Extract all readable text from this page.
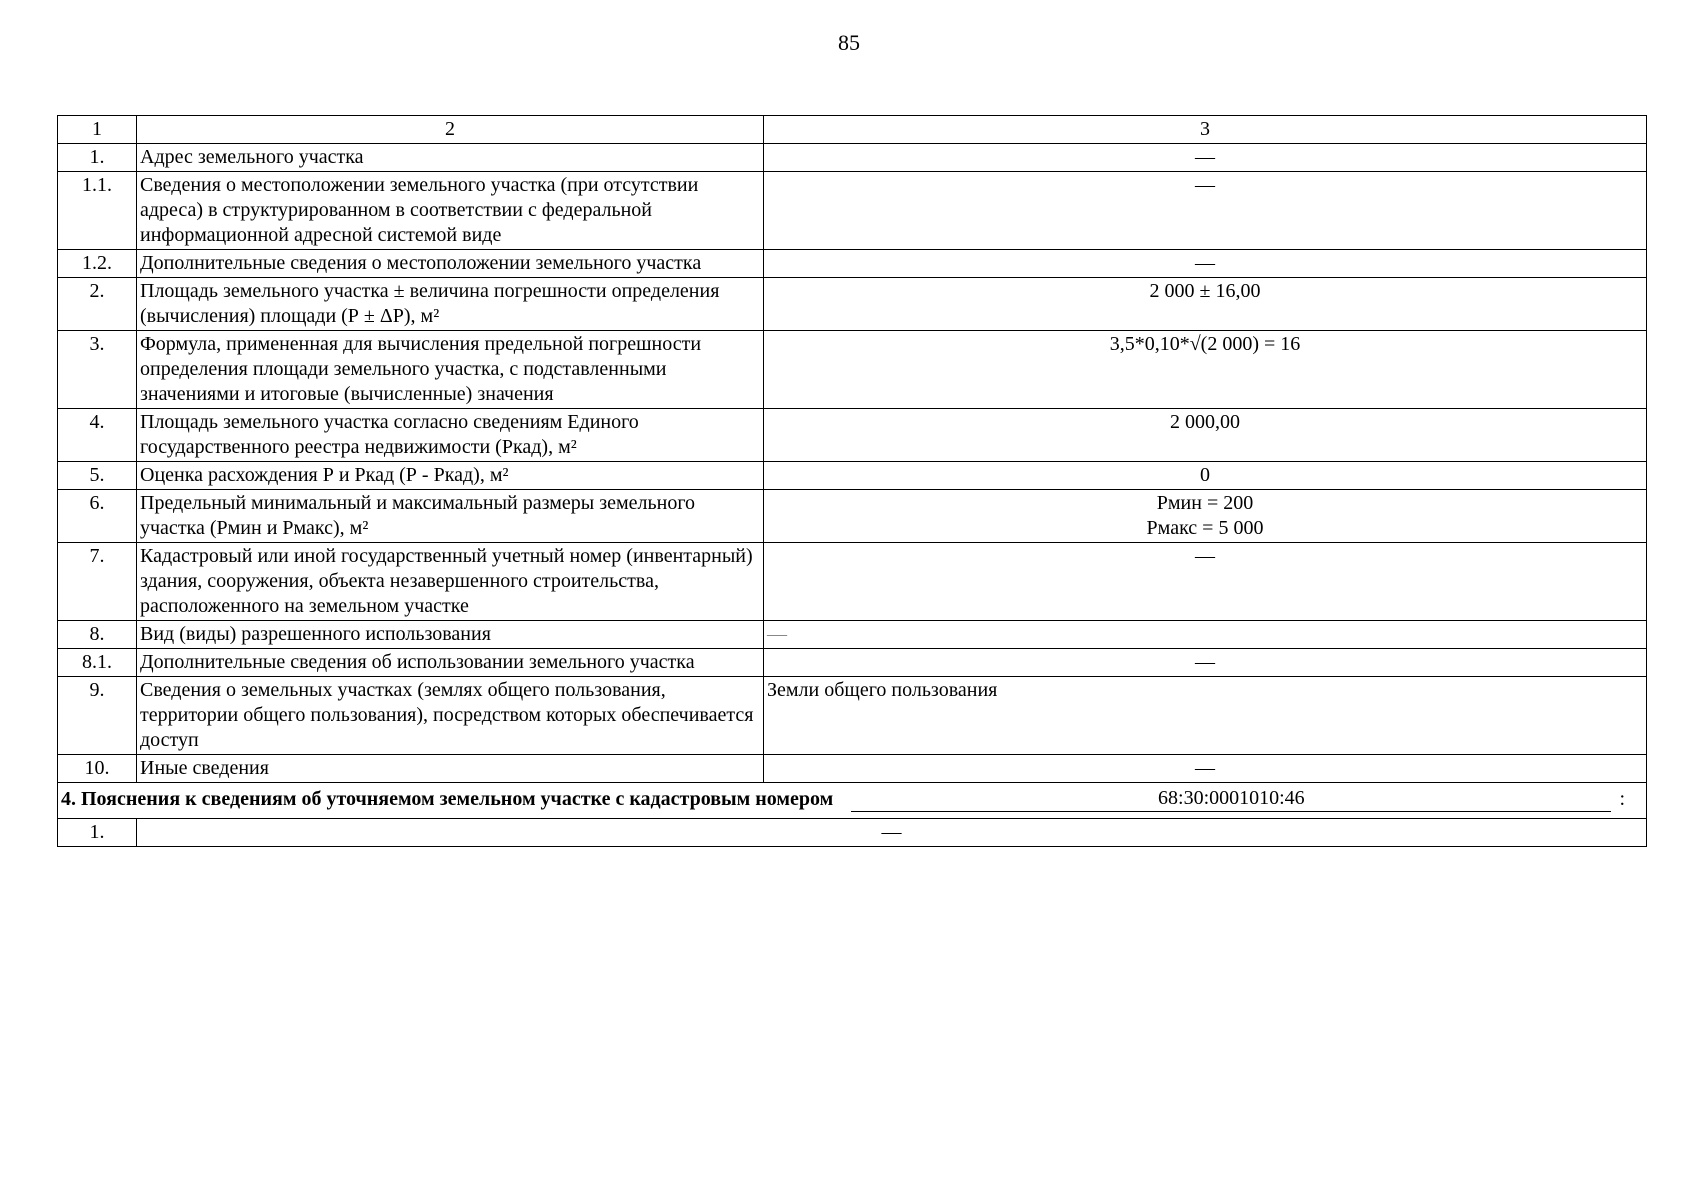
85
1	2	3
1.	Адрес земельного участка	—
1.1.	Сведения о местоположении земельного участка (при отсутствии адреса) в структурированном в соответствии с федеральной информационной адресной системой виде	—
1.2.	Дополнительные сведения о местоположении земельного участка	—
2.	Площадь земельного участка ± величина погрешности определения (вычисления) площади (Р ± ΔР), м²	2 000 ± 16,00
3.	Формула, примененная для вычисления предельной погрешности определения площади земельного участка, с подставленными значениями и итоговые (вычисленные) значения	3,5*0,10*√(2 000) = 16
4.	Площадь земельного участка согласно сведениям Единого государственного реестра недвижимости (Ркад), м²	2 000,00
5.	Оценка расхождения Р и Ркад (Р - Ркад), м²	0
6.	Предельный минимальный и максимальный размеры земельного участка (Рмин и Рмакс), м²	Рмин = 200
Рмакс = 5 000

7.	Кадастровый или иной государственный учетный номер (инвентарный) здания, сооружения, объекта незавершенного строительства, расположенного на земельном участке	—
8.	Вид (виды) разрешенного использования	—
8.1.	Дополнительные сведения об использовании земельного участка	—
9.	Сведения о земельных участках (землях общего пользования, территории общего пользования), посредством которых обеспечивается доступ	Земли общего пользования
10.	Иные сведения	—

4. Пояснения к сведениям об уточняемом земельном участке с кадастровым номером 68:30:0001010:46 :		

1.	—	
